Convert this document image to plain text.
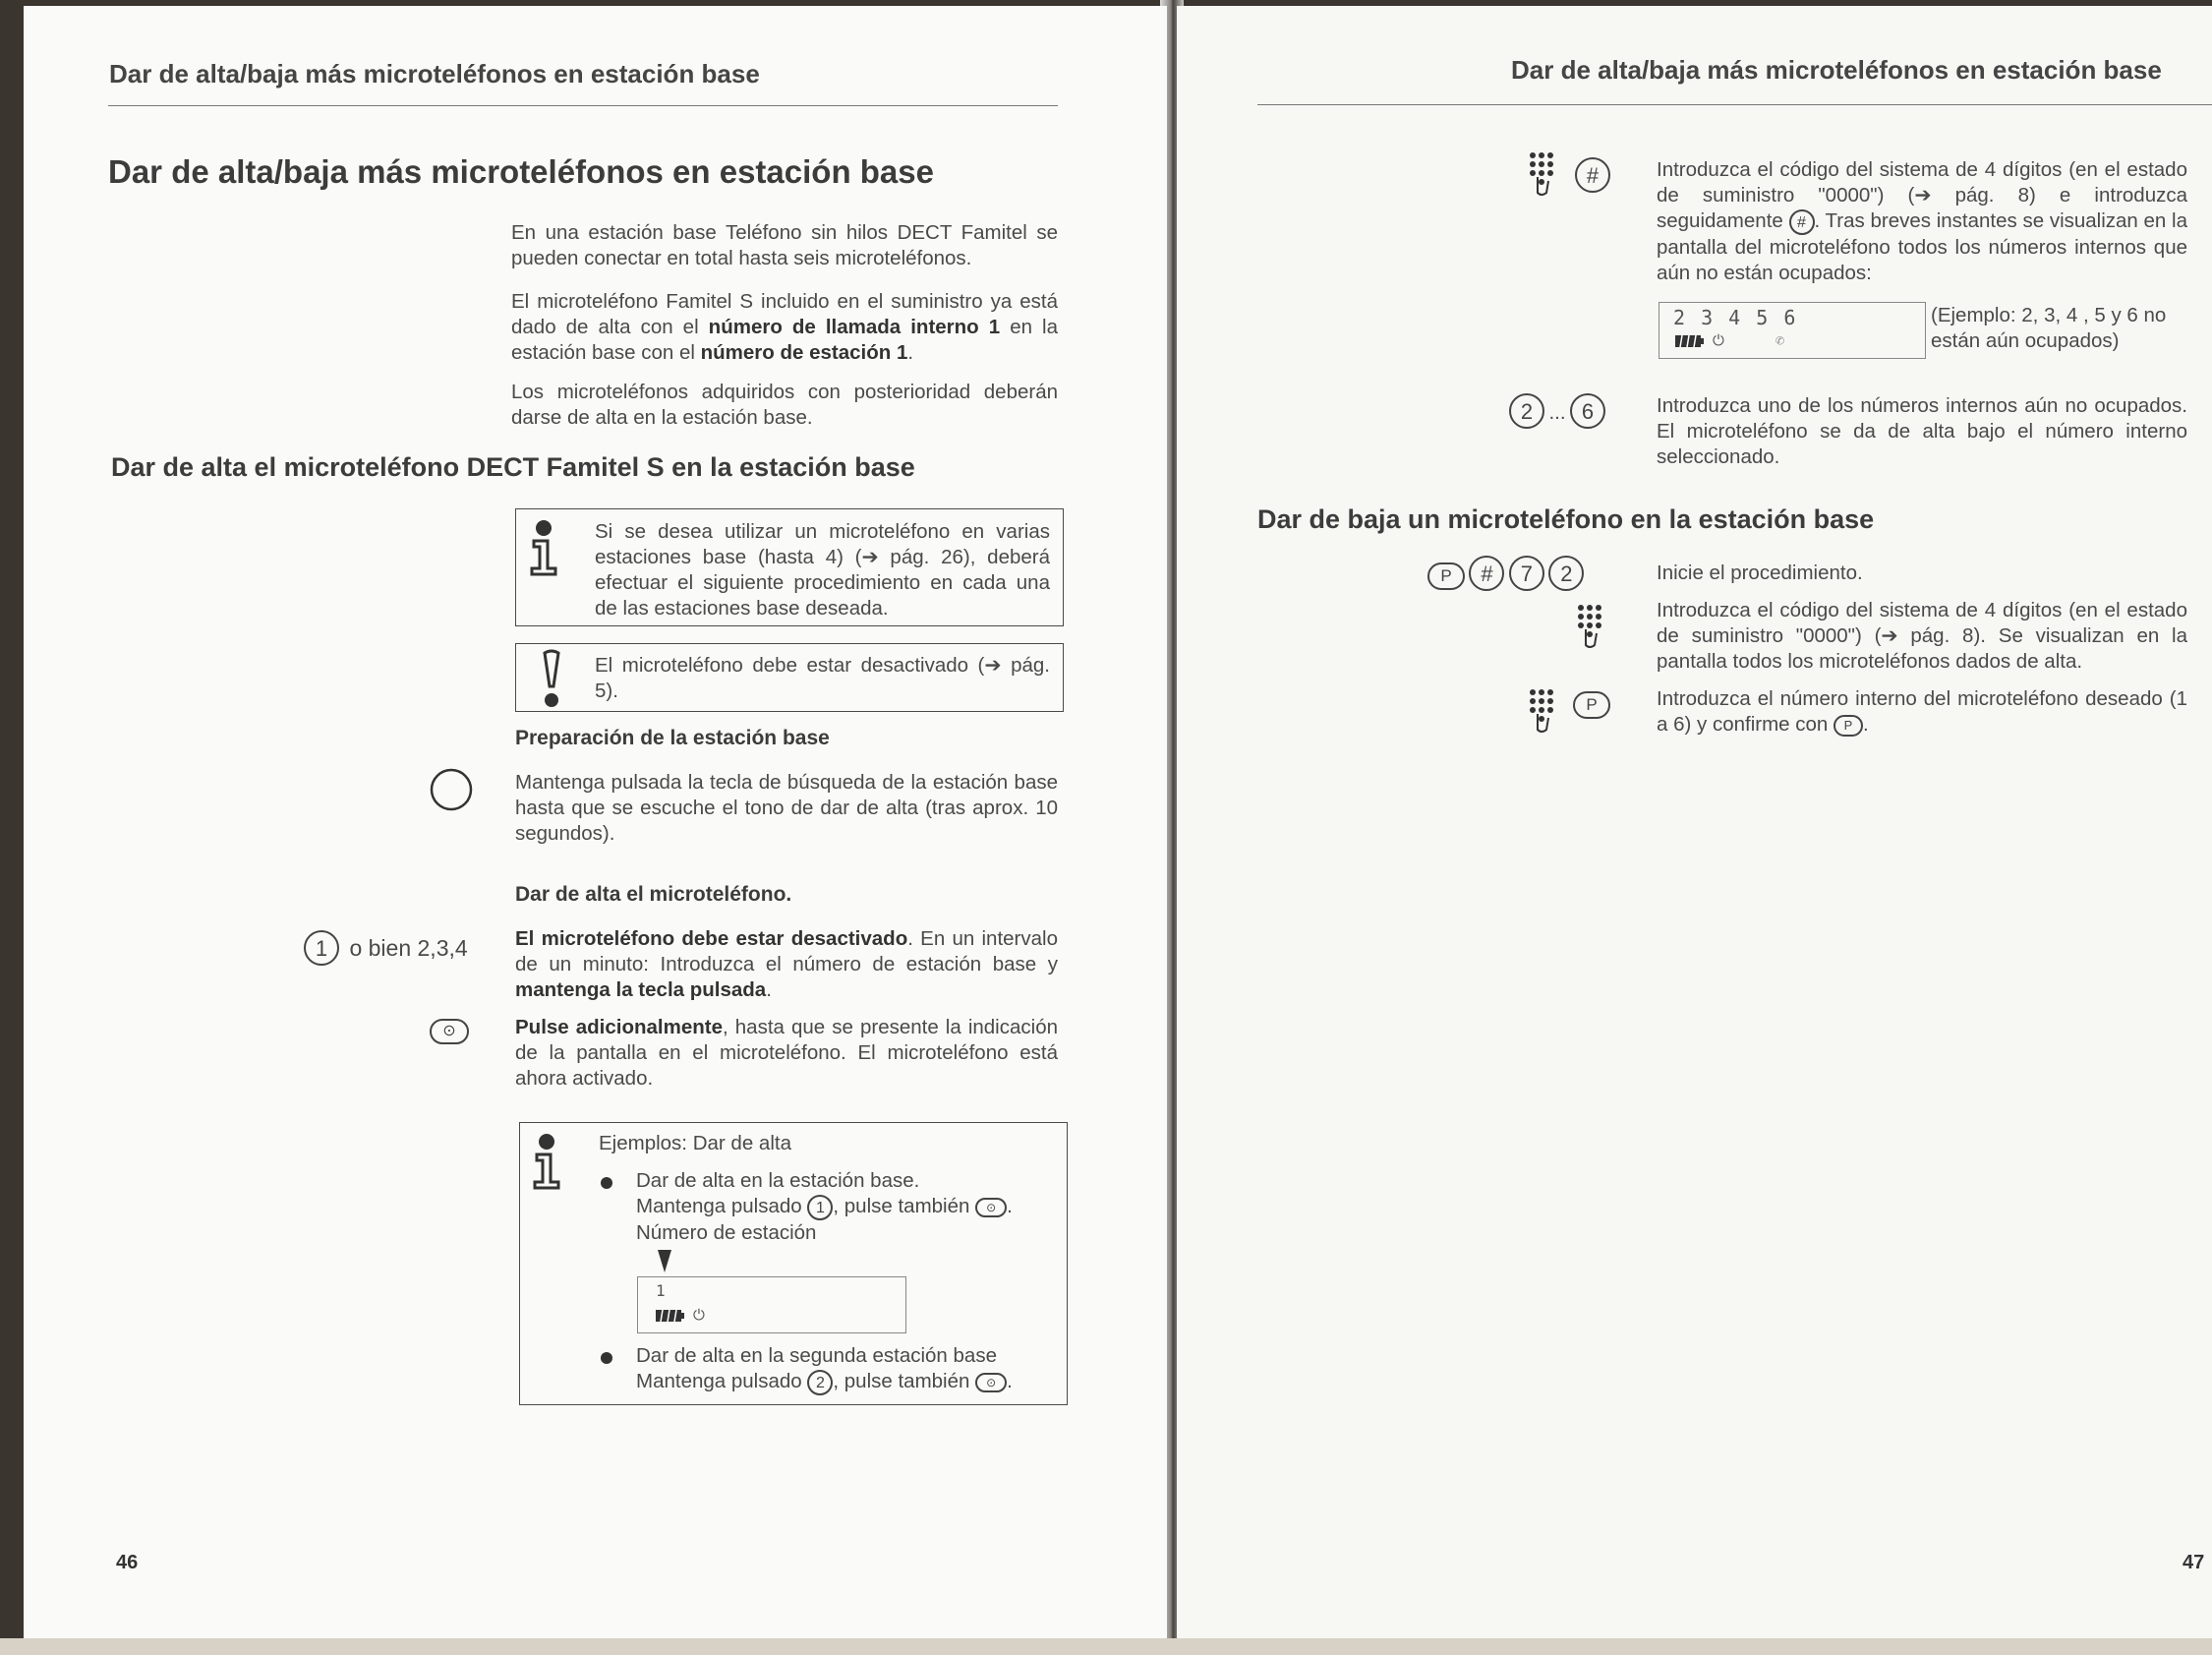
Dar de alta/baja más microteléfonos en estación base
Dar de alta/baja más microteléfonos en estación base
En una estación base Teléfono sin hilos DECT Famitel se pueden conectar en total hasta seis microteléfonos.
El microteléfono Famitel S incluido en el suministro ya está dado de alta con el número de llamada interno 1 en la estación base con el número de estación 1.
Los microteléfonos adquiridos con posterioridad deberán darse de alta en la estación base.
Dar de alta el microteléfono DECT Famitel S en la estación base
Si se desea utilizar un microteléfono en varias estaciones base (hasta 4) (➔ pág. 26), deberá efectuar el siguiente procedimiento en cada una de las estaciones base deseada.
El microteléfono debe estar desactivado (➔ pág. 5).
Preparación de la estación base
Mantenga pulsada la tecla de búsqueda de la estación base hasta que se escuche el tono de dar de alta (tras aprox. 10 segundos).
Dar de alta el microteléfono.
1 o bien 2,3,4 El microteléfono debe estar desactivado. En un intervalo de un minuto: Introduzca el número de estación base y mantenga la tecla pulsada.
⊙	Pulse adicionalmente, hasta que se presente la indicación de la pantalla en el microteléfono. El microteléfono está ahora activado.
Ejemplos: Dar de alta
Dar de alta en la estación base.
Mantenga pulsado 1 , pulse también ⊙ .
Número de estación
1
⏻
Dar de alta en la segunda estación base
Mantenga pulsado 2 , pulse también ⊙ .
46
Dar de alta/baja más microteléfonos en estación base
#	Introduzca el código del sistema de 4 dígitos (en el estado de suministro "0000") (➔ pág. 8) e introduzca seguidamente # . Tras breves instantes se visualizan en la pantalla del microteléfono todos los números internos que aún no están ocupados:
2 3 4 5 6
⏻	✆
(Ejemplo: 2, 3, 4 , 5 y 6 no están aún ocupados)
2 ... 6	Introduzca uno de los números internos aún no ocupados. El microteléfono se da de alta bajo el número interno seleccionado.
Dar de baja un microteléfono en la estación base
P # 7 2	Inicie el procedimiento.
Introduzca el código del sistema de 4 dígitos (en el estado de suministro "0000") (➔ pág. 8). Se visualizan en la pantalla todos los microteléfonos dados de alta.
P	Introduzca el número interno del microteléfono deseado (1 a 6) y confirme con P .
47
